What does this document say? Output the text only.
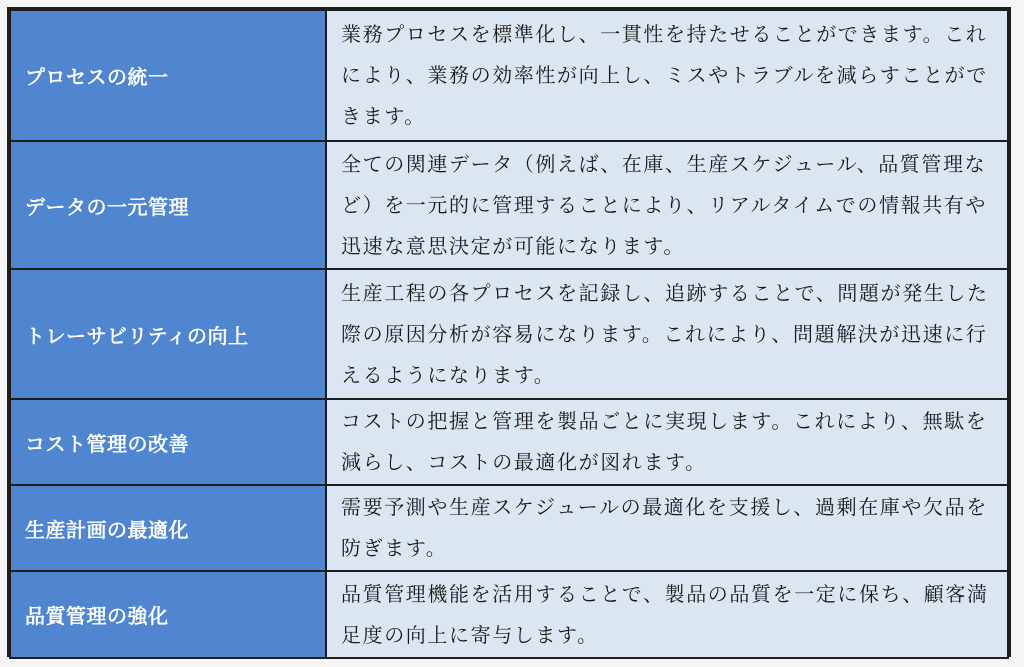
プロセスの統一	業務プロセスを標準化し、一貫性を持たせることができます。これにより、業務の効率性が向上し、ミスやトラブルを減らすことができます。
データの一元管理	全ての関連データ（例えば、在庫、生産スケジュール、品質管理など）を一元的に管理することにより、リアルタイムでの情報共有や迅速な意思決定が可能になります。
トレーサビリティの向上	生産工程の各プロセスを記録し、追跡することで、問題が発生した際の原因分析が容易になります。これにより、問題解決が迅速に行えるようになります。
コスト管理の改善	コストの把握と管理を製品ごとに実現します。これにより、無駄を減らし、コストの最適化が図れます。
生産計画の最適化	需要予測や生産スケジュールの最適化を支援し、過剰在庫や欠品を防ぎます。
品質管理の強化	品質管理機能を活用することで、製品の品質を一定に保ち、顧客満足度の向上に寄与します。
